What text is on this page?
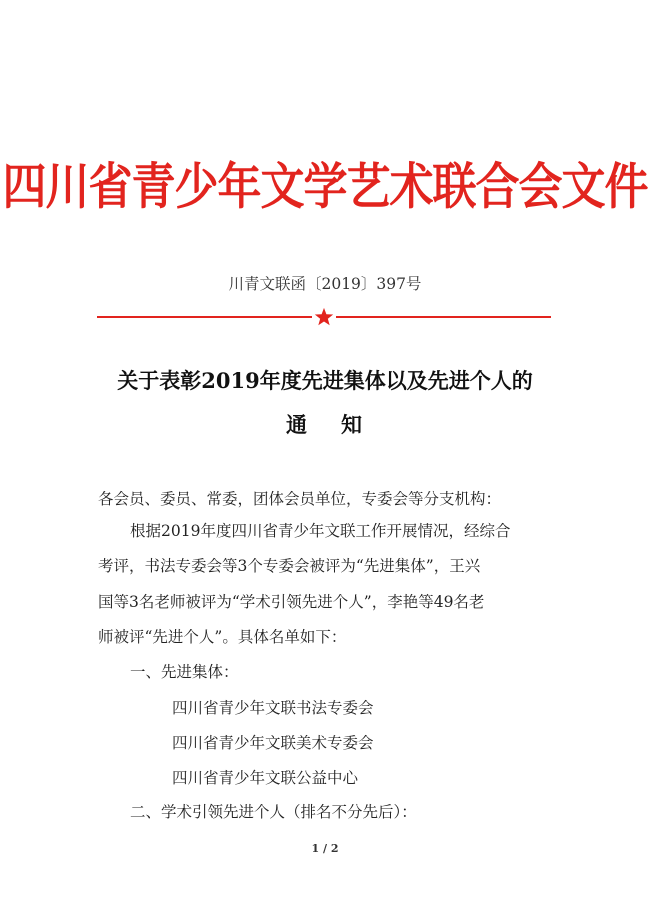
四川省青少年文学艺术联合会文件
川青文联函〔2019〕397号
关于表彰2019年度先进集体以及先进个人的
通 知
各会员、委员、常委，团体会员单位，专委会等分支机构：
根据2019年度四川省青少年文联工作开展情况，经综合
考评，书法专委会等3个专委会被评为“先进集体”，王兴
国等3名老师被评为“学术引领先进个人”，李艳等49名老
师被评“先进个人”。具体名单如下：
一、先进集体：
四川省青少年文联书法专委会
四川省青少年文联美术专委会
四川省青少年文联公益中心
二、学术引领先进个人（排名不分先后）：
1 / 2
